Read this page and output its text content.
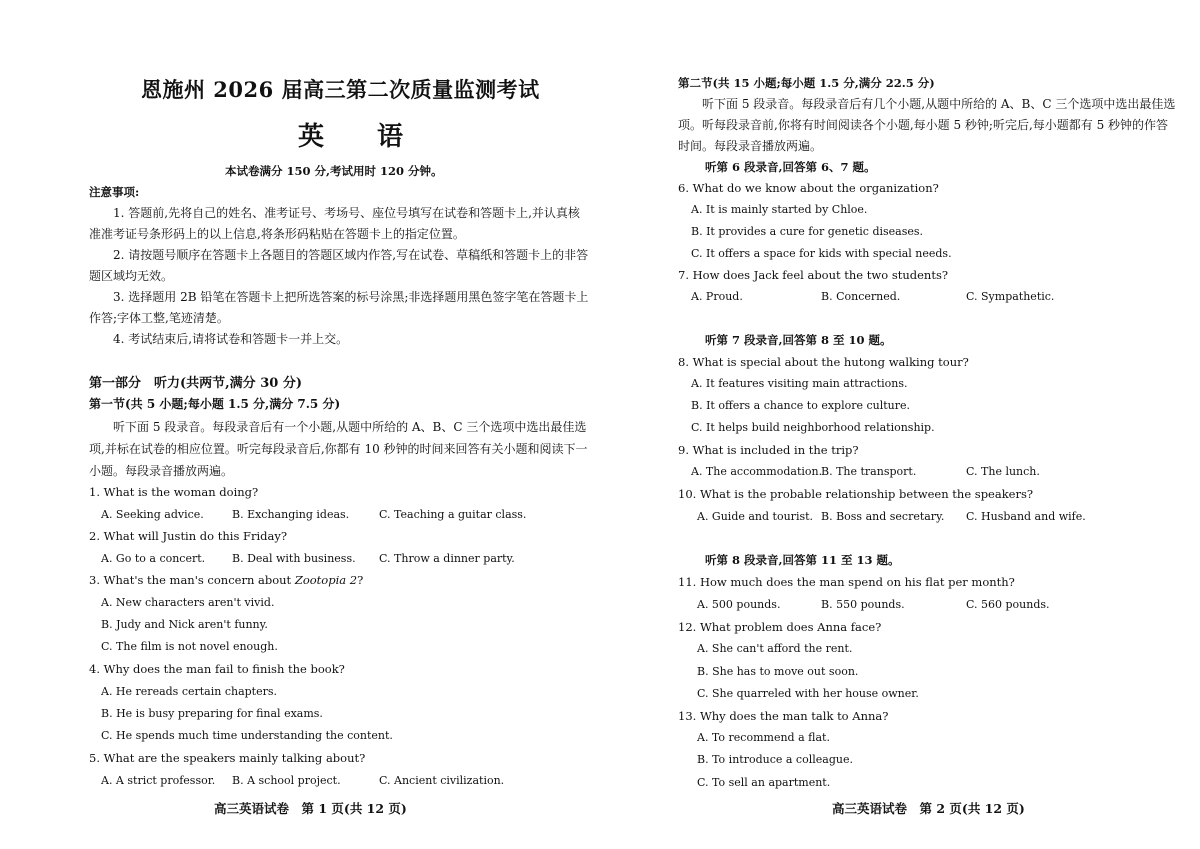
恩施州 2026 届高三第二次质量监测考试
英 语
本试卷满分 150 分,考试用时 120 分钟。
注意事项:
1. 答题前,先将自己的姓名、准考证号、考场号、座位号填写在试卷和答题卡上,并认真核准准考证号条形码上的以上信息,将条形码粘贴在答题卡上的指定位置。
2. 请按题号顺序在答题卡上各题目的答题区域内作答,写在试卷、草稿纸和答题卡上的非答题区域均无效。
3. 选择题用 2B 铅笔在答题卡上把所选答案的标号涂黑;非选择题用黑色签字笔在答题卡上作答;字体工整,笔迹清楚。
4. 考试结束后,请将试卷和答题卡一并上交。
第一部分　听力(共两节,满分 30 分)
第一节(共 5 小题;每小题 1.5 分,满分 7.5 分)
听下面 5 段录音。每段录音后有一个小题,从题中所给的 A、B、C 三个选项中选出最佳选项,并标在试卷的相应位置。听完每段录音后,你都有 10 秒钟的时间来回答有关小题和阅读下一小题。每段录音播放两遍。
1. What is the woman doing?
A. Seeking advice.	B. Exchanging ideas.	C. Teaching a guitar class.
2. What will Justin do this Friday?
A. Go to a concert. B. Deal with business. C. Throw a dinner party.
3. What's the man's concern about Zootopia 2?
A. New characters aren't vivid.
B. Judy and Nick aren't funny.
C. The film is not novel enough.
4. Why does the man fail to finish the book?
A. He rereads certain chapters.
B. He is busy preparing for final exams.
C. He spends much time understanding the content.
5. What are the speakers mainly talking about?
A. A strict professor. B. A school project.	C. Ancient civilization.
高三英语试卷　第 1 页(共 12 页)
第二节(共 15 小题;每小题 1.5 分,满分 22.5 分)
听下面 5 段录音。每段录音后有几个小题,从题中所给的 A、B、C 三个选项中选出最佳选项。听每段录音前,你将有时间阅读各个小题,每小题 5 秒钟;听完后,每小题都有 5 秒钟的作答时间。每段录音播放两遍。
听第 6 段录音,回答第 6、7 题。
6. What do we know about the organization?
A. It is mainly started by Chloe.
B. It provides a cure for genetic diseases.
C. It offers a space for kids with special needs.
7. How does Jack feel about the two students?
A. Proud.	B. Concerned.	C. Sympathetic.
听第 7 段录音,回答第 8 至 10 题。
8. What is special about the hutong walking tour?
A. It features visiting main attractions.
B. It offers a chance to explore culture.
C. It helps build neighborhood relationship.
9. What is included in the trip?
A. The accommodation.
B. The transport.	C. The lunch.
10. What is the probable relationship between the speakers?
A. Guide and tourist. B. Boss and secretary. C. Husband and wife.
听第 8 段录音,回答第 11 至 13 题。
11. How much does the man spend on his flat per month?
A. 500 pounds.	B. 550 pounds.	C. 560 pounds.
12. What problem does Anna face?
A. She can't afford the rent.
B. She has to move out soon.
C. She quarreled with her house owner.
13. Why does the man talk to Anna?
A. To recommend a flat.
B. To introduce a colleague.
C. To sell an apartment.
高三英语试卷　第 2 页(共 12 页)
